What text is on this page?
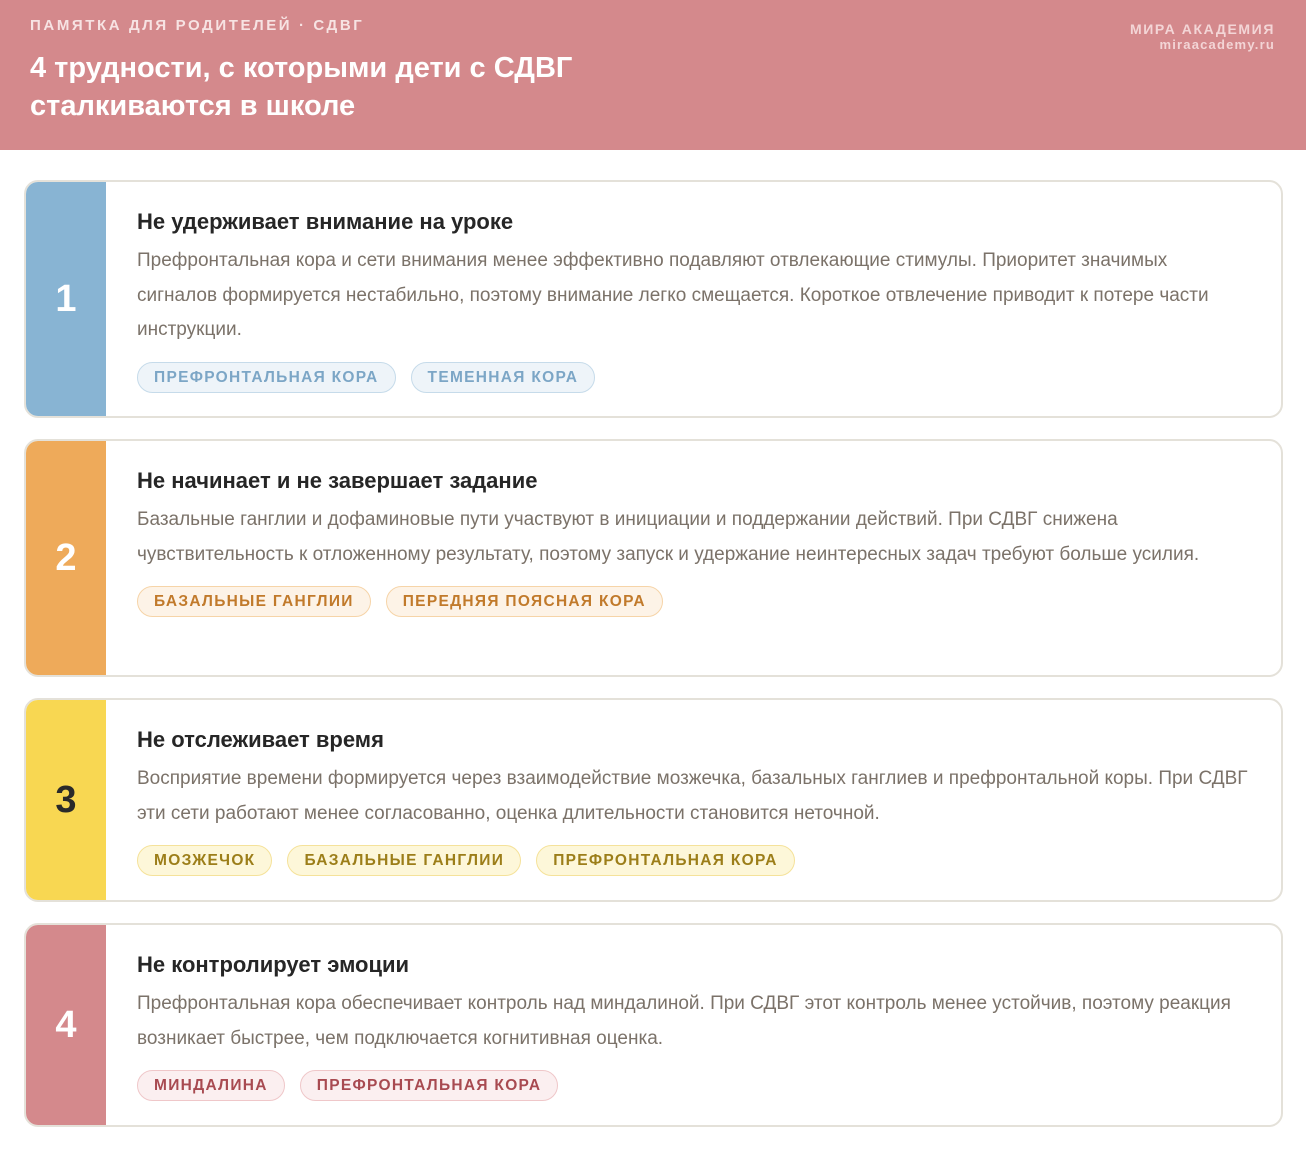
ПАМЯТКА ДЛЯ РОДИТЕЛЕЙ · СДВГ
4 трудности, с которыми дети с СДВГ сталкиваются в школе
МИРА АКАДЕМИЯ
miraacademy.ru
1
Не удерживает внимание на уроке
Префронтальная кора и сети внимания менее эффективно подавляют отвлекающие стимулы. Приоритет значимых сигналов формируется нестабильно, поэтому внимание легко смещается. Короткое отвлечение приводит к потере части инструкции.
ПРЕФРОНТАЛЬНАЯ КОРА	ТЕМЕННАЯ КОРА
2
Не начинает и не завершает задание
Базальные ганглии и дофаминовые пути участвуют в инициации и поддержании действий. При СДВГ снижена чувствительность к отложенному результату, поэтому запуск и удержание неинтересных задач требуют больше усилия.
БАЗАЛЬНЫЕ ГАНГЛИИ	ПЕРЕДНЯЯ ПОЯСНАЯ КОРА
3
Не отслеживает время
Восприятие времени формируется через взаимодействие мозжечка, базальных ганглиев и префронтальной коры. При СДВГ эти сети работают менее согласованно, оценка длительности становится неточной.
МОЗЖЕЧОК	БАЗАЛЬНЫЕ ГАНГЛИИ	ПРЕФРОНТАЛЬНАЯ КОРА
4
Не контролирует эмоции
Префронтальная кора обеспечивает контроль над миндалиной. При СДВГ этот контроль менее устойчив, поэтому реакция возникает быстрее, чем подключается когнитивная оценка.
МИНДАЛИНА	ПРЕФРОНТАЛЬНАЯ КОРА
